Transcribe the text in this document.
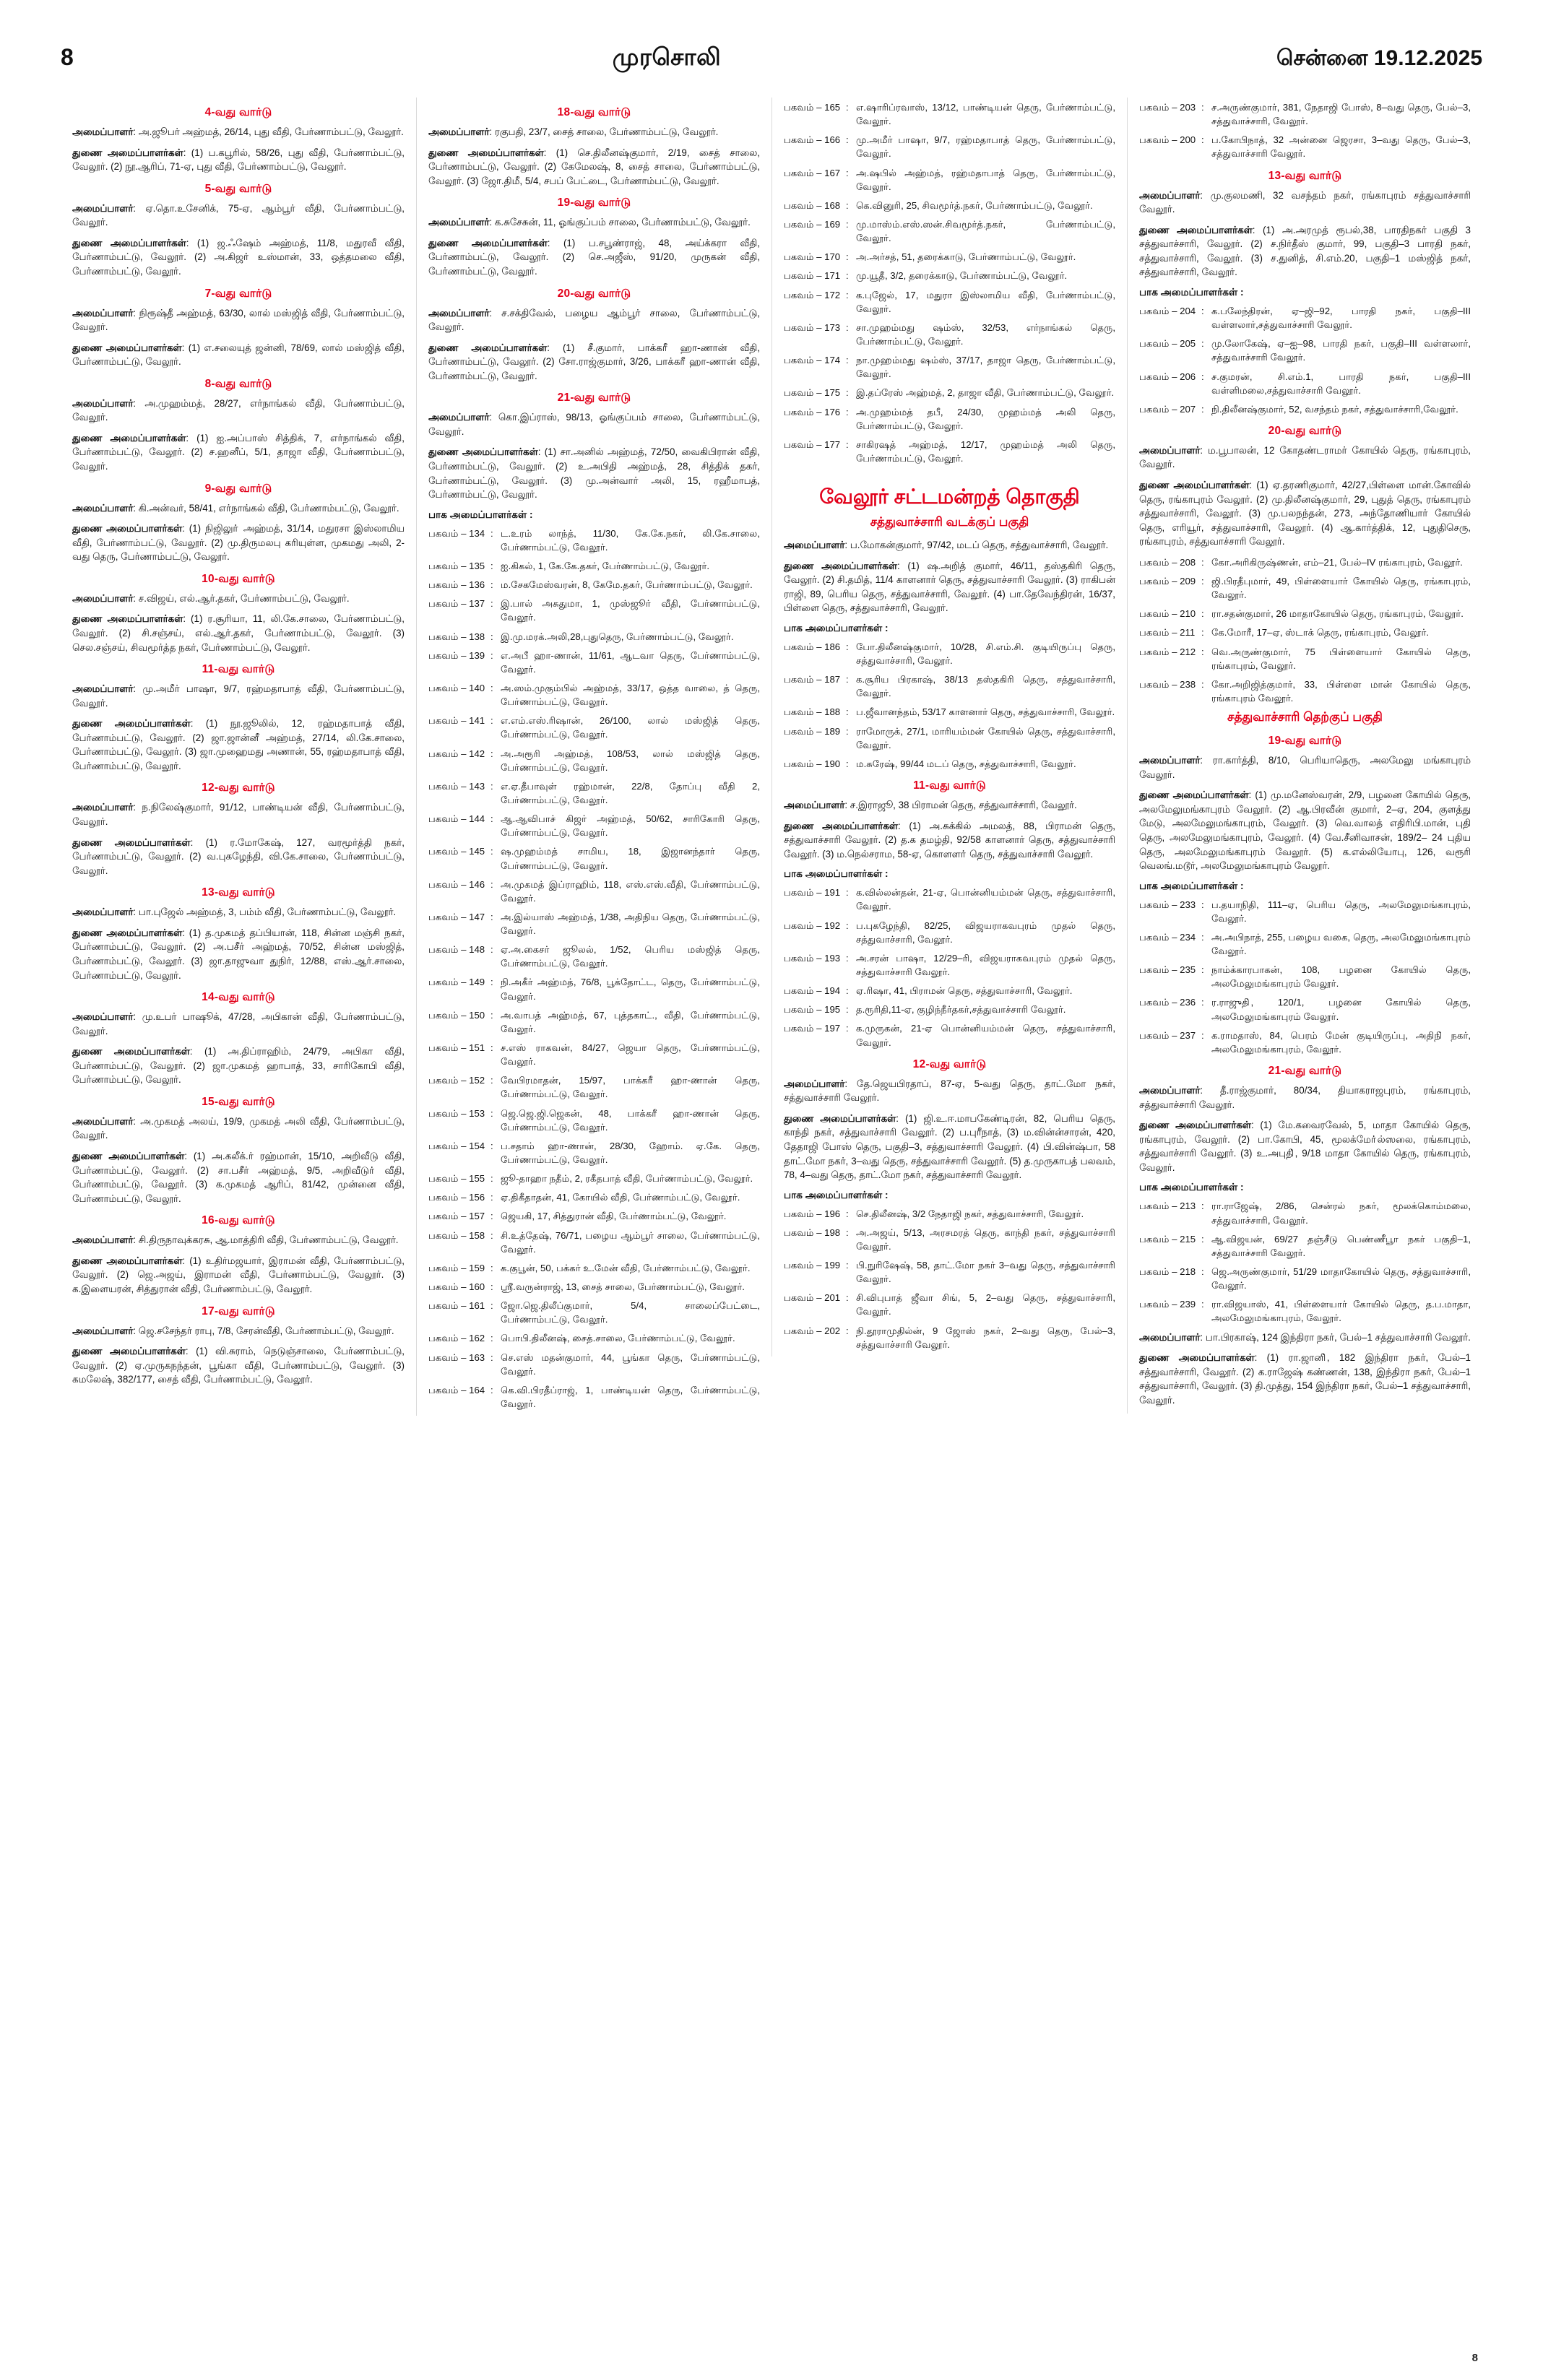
8	முரசொலி	சென்னை 19.12.2025
4-வது வார்டு
அமைப்பாளர்: அ.ஜூபர் அஹ்மத், 26/14, புது வீதி, பேர்ணாம்பட்டு, வேலூர்.
துணை அமைப்பாளர்கள்: (1) ப.கபூரில், 58/26, புது வீதி, பேர்ணாம்பட்டு, வேலூர். (2) நூ.ஆரிப், 71-ஏ, புது வீதி, பேர்ணாம்பட்டு, வேலூர்.
5-வது வார்டு
அமைப்பாளர்: ஏ.தொ.உசேனிக், 75-ஏ, ஆம்பூர் வீதி, பேர்ணாம்பட்டு, வேலூர்.
துணை அமைப்பாளர்கள்: (1) ஜ.ஃஷேம் அஹ்மத், 11/8, மதுரவீ வீதி, பேர்ணாம்பட்டு, வேலூர். (2) அ.கிஜா் உஸ்மான், 33, ஒத்தமலை வீதி, பேர்ணாம்பட்டு, வேலூர்.
7-வது வார்டு
அமைப்பாளர்: நிரூஷ்தீ அஹ்மத், 63/30, லால் மஸ்ஜித் வீதி, பேர்ணாம்பட்டு, வேலூர்.
துணை அமைப்பாளர்கள்: (1) எ.சலையுத் ஜன்னி, 78/69, லால் மஸ்ஜித் வீதி, பேர்ணாம்பட்டு, வேலூர்.
8-வது வார்டு
அமைப்பாளர்: அ.முஹம்மத், 28/27, எர்நாங்கல் வீதி, பேர்ணாம்பட்டு, வேலூர்.
துணை அமைப்பாளர்கள்: (1) ஐ.அப்பாஸ் சித்திக், 7, எர்நாங்கல் வீதி, பேர்ணாம்பட்டு, வேலூர். (2) ச.ஹனீப், 5/1, தாஜா வீதி, பேர்ணாம்பட்டு, வேலூர்.
9-வது வார்டு
அமைப்பாளர்: கி.அன்வர், 58/41, எர்நாங்கல் வீதி, பேர்ணாம்பட்டு, வேலூர்.
துணை அமைப்பாளர்கள்: (1) நிஜிலுா் அஹ்மத், 31/14, மதுரசா இஸ்லாமிய வீதி, பேர்ணாம்பட்டு, வேலூர். (2) மு.திருமலபு கரியுள்ள, முகமது அலி, 2-வது தெரு, பேர்ணாம்பட்டு, வேலூர்.
10-வது வார்டு
அமைப்பாளர்: ச.விஜய், எல்.ஆர்.தகர், பேர்ணாம்பட்டு, வேலூர்.
துணை அமைப்பாளர்கள்: (1) ர.சூரியா, 11, லி.கே.சாலை, பேர்ணாம்பட்டு, வேலூர். (2) சி.சஞ்சய், எல்.ஆர்.தகர், பேர்ணாம்பட்டு, வேலூர். (3) செல.சஞ்சய், சிவமூர்த்த நகர், பேர்ணாம்பட்டு, வேலூர்.
11-வது வார்டு
அமைப்பாளர்: மு.அமீர் பாஷா, 9/7, ரஹ்மதாபாத் வீதி, பேர்ணாம்பட்டு, வேலூர்.
துணை அமைப்பாளர்கள்: (1) நூ.ஜூலில், 12, ரஹ்மதாபாத் வீதி, பேர்ணாம்பட்டு, வேலூர். (2) ஜா.ஜான்னீ அஹ்மத், 27/14, லி.கே.சாலை, பேர்ணாம்பட்டு, வேலூர். (3) ஜா.முஹைமது அணான், 55, ரஹ்மதாபாத் வீதி, பேர்ணாம்பட்டு, வேலூர்.
12-வது வார்டு
அமைப்பாளர்: ந.நிலேஷ்குமார், 91/12, பாண்டியன் வீதி, பேர்ணாம்பட்டு, வேலூர்.
துணை அமைப்பாளர்கள்: (1) ர.மோகேஷ், 127, வரமூர்த்தி நகர், பேர்ணாம்பட்டு, வேலூர். (2) வ.புகழேந்தி, வி.கே.சாலை, பேர்ணாம்பட்டு, வேலூர்.
13-வது வார்டு
அமைப்பாளர்: பா.புஜேல் அஹ்மத், 3, பம்ம் வீதி, பேர்ணாம்பட்டு, வேலூர்.
துணை அமைப்பாளர்கள்: (1) த.முகமத் தப்பியான், 118, சின்ன மஞ்சி நகர், பேர்ணாம்பட்டு, வேலூர். (2) அ.பசீர் அஹ்மத், 70/52, சின்ன மஸ்ஜித், பேர்ணாம்பட்டு, வேலூர். (3) ஜா.தாஜுவா துநிர், 12/88, எஸ்.ஆர்.சாலை, பேர்ணாம்பட்டு, வேலூர்.
14-வது வார்டு
அமைப்பாளர்: மு.உபர் பாஷூக், 47/28, அபிகான் வீதி, பேர்ணாம்பட்டு, வேலூர்.
துணை அமைப்பாளர்கள்: (1) அ.திப்ராஹிம், 24/79, அபிகா வீதி, பேர்ணாம்பட்டு, வேலூர். (2) ஜா.முகமத் ஹாபாத், 33, சாரிகோபி வீதி, பேர்ணாம்பட்டு, வேலூர்.
15-வது வார்டு
அமைப்பாளர்: அ.முகமத் அலய், 19/9, முகமத் அலி வீதி, பேர்ணாம்பட்டு, வேலூர்.
துணை அமைப்பாளர்கள்: (1) அ.கலீக்.ர் ரஹ்மான், 15/10, அறிவீடு வீதி, பேர்ணாம்பட்டு, வேலூர். (2) சா.பசீர் அஹ்மத், 9/5, அறிவீடுா் வீதி, பேர்ணாம்பட்டு, வேலூர். (3) க.முகமத் ஆரிப், 81/42, முன்னை வீதி, பேர்ணாம்பட்டு, வேலூர்.
16-வது வார்டு
அமைப்பாளர்: சி.திருநாவுக்கரசு, ஆ.மாத்திரி வீதி, பேர்ணாம்பட்டு, வேலூர்.
துணை அமைப்பாளர்கள்: (1) உதிர்மஜயார், இராமன் வீதி, பேர்ணாம்பட்டு, வேலூர். (2) ஜெ.அஜய், இராமன் வீதி, பேர்ணாம்பட்டு, வேலூர். (3) க.இளையரன், சித்துரான் வீதி, பேர்ணாம்பட்டு, வேலூர்.
17-வது வார்டு
அமைப்பாளர்: ஜெ.சசேந்தர் ராபு, 7/8, சேரன்வீதி, பேர்ணாம்பட்டு, வேலூர்.
துணை அமைப்பாளர்கள்: (1) வி.சுராம், நெடுஞ்சாலை, பேர்ணாம்பட்டு, வேலூர். (2) ஏ.முருகநந்தன், பூங்கா வீதி, பேர்ணாம்பட்டு, வேலூர். (3) கமலேஷ், 382/177, சைத் வீதி, பேர்ணாம்பட்டு, வேலூர்.
18-வது வார்டு
அமைப்பாளர்: ரகுபதி, 23/7, சைத் சாலை, பேர்ணாம்பட்டு, வேலூர்.
துணை அமைப்பாளர்கள்: (1) செ.திலீனஷ்குமார், 2/19, சைத் சாலை, பேர்ணாம்பட்டு, வேலூர். (2) கேமேலஷ், 8, சைத் சாலை, பேர்ணாம்பட்டு, வேலூர். (3) ஜோ.திமீ, 5/4, சபப் பேட்டை, பேர்ணாம்பட்டு, வேலூர்.
19-வது வார்டு
அமைப்பாளர்: க.சுசேசுன், 11, ஓங்குப்பம் சாலை, பேர்ணாம்பட்டு, வேலூர்.
துணை அமைப்பாளர்கள்: (1) ப.சபூண்ராஜ், 48, அய்க்கரா வீதி, பேர்ணாம்பட்டு, வேலூர். (2) செ.அஜீஸ், 91/20, முருகன் வீதி, பேர்ணாம்பட்டு, வேலூர்.
20-வது வார்டு
அமைப்பாளர்: ச.சக்திவேல், பழைய ஆம்பூர் சாலை, பேர்ணாம்பட்டு, வேலூர்.
துணை அமைப்பாளர்கள்: (1) சீ.குமார், பாக்கரீ ஹா-ணான் வீதி, பேர்ணாம்பட்டு, வேலூர். (2) சோ.ராஜ்குமார், 3/26, பாக்கரீ ஹா-ணான் வீதி, பேர்ணாம்பட்டு, வேலூர்.
21-வது வார்டு
அமைப்பாளர்: கொ.இப்ராஸ், 98/13, ஓங்குப்பம் சாலை, பேர்ணாம்பட்டு, வேலூர்.
துணை அமைப்பாளர்கள்: (1) சா.அனில் அஹ்மத், 72/50, வைகிபிரான் வீதி, பேர்ணாம்பட்டு, வேலூர். (2) உ.அபிதி அஹ்மத், 28, சித்திக் தகர், பேர்ணாம்பட்டு, வேலூர். (3) மு.அன்வார் அலி, 15, ரஹீமாபத், பேர்ணாம்பட்டு, வேலூர்.
பாக அமைப்பாளர்கள் :
பகவம் – 134 : ட.உரம் லாந்த், 11/30, கே.கே.நகர், லி.கே.சாலை, பேர்ணாம்பட்டு, வேலூர்.
பகவம் – 135 : ஐ.கிகல், 1, கே.கே.தகர், பேர்ணாம்பட்டு, வேலூர்.
பகவம் – 136 : ம.சேகமேஸ்வரன், 8, கேமே.தகர், பேர்ணாம்பட்டு, வேலூர்.
பகவம் – 137 : இ.பால் அசுதுமா, 1, முஸ்ஜூா் வீதி, பேர்ணாம்பட்டு, வேலூர்.
பகவம் – 138 : இ.மு.மரக்.அலி,28,புதுதெரு, பேர்ணாம்பட்டு, வேலூர்.
பகவம் – 139 : எ.அபீ ஹா-ணான், 11/61, ஆடவா தெரு, பேர்ணாம்பட்டு, வேலூர்.
பகவம் – 140 : அ.ஸம்.முகும்பில் அஹ்மத், 33/17, ஒத்த வாலை, த் தெரு, பேர்ணாம்பட்டு, வேலூர்.
பகவம் – 141 : எ.எம்.எஸ்.ரிஷான், 26/100, லால் மஸ்ஜித் தெரு, பேர்ணாம்பட்டு, வேலூர்.
பகவம் – 142 : அ.அரூரி அஹ்மத், 108/53, லால் மஸ்ஜித் தெரு, பேர்ணாம்பட்டு, வேலூர்.
பகவம் – 143 : எ.ஏ.தீபாவுள் ரஹ்மான், 22/8, தோப்பு வீதி 2, பேர்ணாம்பட்டு, வேலூர்.
பகவம் – 144 : ஆ.ஆவிபாச் கிஜர் அஹ்மத், 50/62, சாரிகோரி தெரு, பேர்ணாம்பட்டு, வேலூர்.
பகவம் – 145 : ஷ.முஹம்மத் சாமிய, 18, இஜானந்தார் தெரு, பேர்ணாம்பட்டு, வேலூர்.
பகவம் – 146 : அ.முகமத் இப்ராஹிம், 118, எஸ்.எஸ்.வீதி, பேர்ணாம்பட்டு, வேலூர்.
பகவம் – 147 : அ.இல்யாஸ் அஹ்மத், 1/38, அதிநிய தெரு, பேர்ணாம்பட்டு, வேலூர்.
பகவம் – 148 : ஏ.அ.கைசர் ஜூலல், 1/52, பெரிய மஸ்ஜித் தெரு, பேர்ணாம்பட்டு, வேலூர்.
பகவம் – 149 : நி.அகீர் அஹ்மத், 76/8, பூக்தோட்ட, தெரு, பேர்ணாம்பட்டு, வேலூர்.
பகவம் – 150 : அ.வாபத் அஹ்மத், 67, புத்தகாட்., வீதி, பேர்ணாம்பட்டு, வேலூர்.
பகவம் – 151 : ச.எஸ் ராகவன், 84/27, ஜெயா தெரு, பேர்ணாம்பட்டு, வேலூர்.
பகவம் – 152 : வேபிரமாதன், 15/97, பாக்கரீ ஹா-ணான் தெரு, பேர்ணாம்பட்டு, வேலூர்.
பகவம் – 153 : ஜெ.ஜெ.ஜி.ஜெகன், 48, பாக்கரீ ஹா-ணான் தெரு, பேர்ணாம்பட்டு, வேலூர்.
பகவம் – 154 : ப.சதாம் ஹா-ணான், 28/30, ஹோம். ஏ.கே. தெரு, பேர்ணாம்பட்டு, வேலூர்.
பகவம் – 155 : ஜூ-தாஹா நதீம், 2, ரகீதபாத் வீதி, பேர்ணாம்பட்டு, வேலூர்.
பகவம் – 156 : ஏ.திகீதாதன், 41, கோயில் வீதி, பேர்ணாம்பட்டு, வேலூர்.
பகவம் – 157 : ஜெயகி, 17, சித்துரான் வீதி, பேர்ணாம்பட்டு, வேலூர்.
பகவம் – 158 : சி.உத்தேஷ், 76/71, பழைய ஆம்பூர் சாலை, பேர்ணாம்பட்டு, வேலூர்.
பகவம் – 159 : க.குபூன், 50, பக்கர் உ.மேன் வீதி, பேர்ணாம்பட்டு, வேலூர்.
பகவம் – 160 : ஸ்ரீ.வருன்ராஜ், 13, சைத் சாலை, பேர்ணாம்பட்டு, வேலூர்.
பகவம் – 161 : ஜோ.ஜெ.திலீப்குமார், 5/4, சாலைப்பேட்டை, பேர்ணாம்பட்டு, வேலூர்.
பகவம் – 162 : பொபி.திலீனஷ், சைத்.சாலை, பேர்ணாம்பட்டு, வேலூர்.
பகவம் – 163 : செ.எஸ் மதன்குமார், 44, பூங்கா தெரு, பேர்ணாம்பட்டு, வேலூர்.
பகவம் – 164 : கெ.வி.பிரதீப்ராஜ், 1, பாண்டியன் தெரு, பேர்ணாம்பட்டு, வேலூர்.
பகவம் – 165 : எ.ஷாரிப்ரவாஸ், 13/12, பாண்டியன் தெரு, பேர்ணாம்பட்டு, வேலூர்.
பகவம் – 166 : மு.அமீர் பாஷா, 9/7, ரஹ்மதாபாத் தெரு, பேர்ணாம்பட்டு, வேலூர்.
பகவம் – 167 : அ.ஷபில் அஹ்மத், ரஹ்மதாபாத் தெரு, பேர்ணாம்பட்டு, வேலூர்.
பகவம் – 168 : கெ.வினுரி, 25, சிவமூர்த்.நகர், பேர்ணாம்பட்டு, வேலூர்.
பகவம் – 169 : மு.மாஸ்ம்.எஸ்.ஸன்.சிவமூர்த்.நகர், பேர்ணாம்பட்டு, வேலூர்.
பகவம் – 170 : அ.அர்சத், 51, தரைக்காடு, பேர்ணாம்பட்டு, வேலூர்.
பகவம் – 171 : மு.யூதீ, 3/2, தரைக்காடு, பேர்ணாம்பட்டு, வேலூர்.
பகவம் – 172 : க.புஜேல், 17, மதுரா இஸ்லாமிய வீதி, பேர்ணாம்பட்டு, வேலூர்.
பகவம் – 173 : சா.முஹம்மது ஷம்ஸ், 32/53, எர்நாங்கல் தெரு, பேர்ணாம்பட்டு, வேலூர்.
பகவம் – 174 : நா.முஹம்மது ஷம்ஸ், 37/17, தாஜா தெரு, பேர்ணாம்பட்டு, வேலூர்.
பகவம் – 175 : இ.தப்ரேஸ் அஹ்மத், 2, தாஜா வீதி, பேர்ணாம்பட்டு, வேலூர்.
பகவம் – 176 : அ.முஹம்மத் தபீ, 24/30, முஹம்மத் அலி தெரு, பேர்ணாம்பட்டு, வேலூர்.
பகவம் – 177 : சாகிரஷத் அஹ்மத், 12/17, முஹம்மத் அலி தெரு, பேர்ணாம்பட்டு, வேலூர்.
வேலூர் சட்டமன்றத் தொகுதி
சத்துவாச்சாரி வடக்குப் பகுதி
அமைப்பாளர்: ப.மோகன்குமார், 97/42, மடப் தெரு, சத்துவாச்சாரி, வேலூர்.
துணை அமைப்பாளர்கள்: (1) ஷ.அறித் குமார், 46/11, தஸ்தகிரி தெரு, வேலூர். (2) சி.தமித், 11/4 காளனார் தெரு, சத்துவாச்சாரி வேலூர். (3) ராகிபன் ராஜி, 89, பெரிய தெரு, சத்துவாச்சாரி, வேலூர். (4) பா.தேவேந்திரன், 16/37, பிள்ளை தெரு, சத்துவாச்சாரி, வேலூர்.
பாக அமைப்பாளர்கள் :
பகவம் – 186 : போ.திலீனஷ்குமார், 10/28, சி.எம்.சி. குடியிருப்பு தெரு, சத்துவாச்சாரி, வேலூர்.
பகவம் – 187 : க.சூரிய பிரகாஷ், 38/13 தஸ்தகிரி தெரு, சத்துவாச்சாரி, வேலூர்.
பகவம் – 188 : ப.ஜீவானந்தம், 53/17 காளனார் தெரு, சத்துவாச்சாரி, வேலூர்.
பகவம் – 189 : ராமோருக், 27/1, மாரியம்மன் கோயில் தெரு, சத்துவாச்சாரி, வேலூர்.
பகவம் – 190 : ம.சுரேஷ், 99/44 மடப் தெரு, சத்துவாச்சாரி, வேலூர்.
11-வது வார்டு
அமைப்பாளர்: ச.இராஜூ, 38 பிராமன் தெரு, சத்துவாச்சாரி, வேலூர்.
துணை அமைப்பாளர்கள்: (1) அ.சுக்கில் அமலத், 88, பிராமன் தெரு, சத்துவாச்சாரி வேலூர். (2) த.க தமழ்தி, 92/58 காளனார் தெரு, சத்துவாச்சாரி வேலூர். (3) ம.நெல்சராம, 58-ஏ, கொளளா் தெரு, சத்துவாச்சாரி வேலூர்.
பாக அமைப்பாளர்கள் :
பகவம் – 191 : க.வில்லன்தன், 21-ஏ, பொன்னியம்மன் தெரு, சத்துவாச்சாரி, வேலூர்.
பகவம் – 192 : ப.புகழேந்தி, 82/25, விஜயராகவபுரம் முதல் தெரு, சத்துவாச்சாரி, வேலூர்.
பகவம் – 193 : அ.சரன் பாஷா, 12/29–ரி, விஜயராகவபுரம் முதல் தெரு, சத்துவாச்சாரி வேலூர்.
பகவம் – 194 : ஏ.ரிஷா, 41, பிராமன் தெரு, சத்துவாச்சாரி, வேலூர்.
பகவம் – 195 : த.ரூரிதி,11-ஏ, குழிந்நீர்தகர்,சத்துவாச்சாரி வேலூர்.
பகவம் – 197 : க.முருகன், 21-ஏ பொன்னியம்மன் தெரு, சத்துவாச்சாரி, வேலூர்.
12-வது வார்டு
அமைப்பாளர்: தே.ஜெயபிரதாப், 87-ஏ, 5-வது தெரு, தாட்.மோ நகர், சத்துவாச்சாரி வேலூர்.
துணை அமைப்பாளர்கள்: (1) ஜி.உ.ஈ.மாபகேண்டிரன், 82, பெரிய தெரு, காந்தி நகர், சத்துவாச்சாரி வேலூர். (2) ப.புரீநாத், (3) ம.வின்ன்சாரன், 420, தேதாஜி போஸ் தெரு, பகுதி–3, சத்துவாச்சாரி வேலூர். (4) பி.வின்ஷ்பா, 58 தாட்.மோ நகர், 3–வது தெரு, சத்துவாச்சாரி வேலூர். (5) த.முருகாபத் பலவம், 78, 4–வது தெரு, தாட்.மோ நகர், சத்துவாச்சாரி வேலூர்.
பாக அமைப்பாளர்கள் :
பகவம் – 196 : செ.திலீனஷ், 3/2 நேதாஜி நகர், சத்துவாச்சாரி, வேலூர்.
பகவம் – 198 : அ.அஜய், 5/13, அரசமரத் தெரு, காந்தி நகர், சத்துவாச்சாரி வேலூர்.
பகவம் – 199 : பி.நுரிஷேஷ், 58, தாட்.மோ நகர் 3–வது தெரு, சத்துவாச்சாரி வேலூர்.
பகவம் – 201 : சி.விபுபாத் ஜீவா சிங், 5, 2–வது தெரு, சத்துவாச்சாரி, வேலூர்.
பகவம் – 202 : நி.தூராமுதில்ன், 9 ஜோஸ் நகர், 2–வது தெரு, பேல்–3, சத்துவாச்சாரி வேலூர்.
பகவம் – 203 : ச.அருண்குமார், 381, நேதாஜி போஸ், 8–வது தெரு, பேல்–3, சத்துவாச்சாரி, வேலூர்.
பகவம் – 200 : ப.கோபிநாத், 32 அன்னை ஜெரசா, 3–வது தெரு, பேல்–3, சத்துவாச்சாரி வேலூர்.
13-வது வார்டு
அமைப்பாளர்: மு.குலமணி, 32 வசந்தம் நகர், ரங்காபுரம் சத்துவாச்சாரி வேலூர்.
துணை அமைப்பாளர்கள்: (1) அ.அரமுத் ரூபல்,38, பாரதிநகர் பகுதி 3 சத்துவாச்சாரி, வேலூர். (2) ச.நிர்தீஸ் குமார், 99, பகுதி–3 பாரதி நகர், சத்துவாச்சாரி, வேலூர். (3) ச.துனித், சி.எம்.20, பகுதி–1 மஸ்ஜித் நகர், சத்துவாச்சாரி, வேலூர்.
பாக அமைப்பாளர்கள் :
பகவம் – 204 : க.பலேந்திரன், ஏ–ஜி–92, பாரதி நகர், பகுதி–III வள்ளலார்,சத்துவாச்சாரி வேலூர்.
பகவம் – 205 : மு.லோகேஷ், ஏ–ஐ–98, பாரதி நகர், பகுதி–III வள்ளலார், சத்துவாச்சாரி வேலூர்.
பகவம் – 206 : ச.குமரன், சி.எம்.1, பாரதி நகர், பகுதி–III வள்ளிமலை,சத்துவாச்சாரி வேலூர்.
பகவம் – 207 : நி.திலீனஷ்குமார், 52, வசந்தம் நகர், சத்துவாச்சாரி,வேலூர்.
20-வது வார்டு
அமைப்பாளர்: ம.பூபாலன், 12 கோதண்டராமர் கோயில் தெரு, ரங்காபுரம், வேலூர்.
துணை அமைப்பாளர்கள்: (1) ஏ.தரணிகுமார், 42/27,பிள்ளை மான்.கோவில் தெரு, ரங்காபுரம் வேலூர். (2) மு.திலீனஷ்குமார், 29, புதுத் தெரு, ரங்காபுரம் சத்துவாச்சாரி, வேலூர். (3) மு.பலநந்தன், 273, அந்தோணியார் கோயில் தெரு, எரியூர், சத்துவாச்சாரி, வேலூர். (4) ஆ.கார்த்திக், 12, புதுதிசெரு, ரங்காபுரம், சத்துவாச்சாரி வேலூர்.
பகவம் – 208 : கோ.அரிகிருஷ்ணன், எம்–21, பேல்–IV ரங்காபுரம், வேலூர்.
பகவம் – 209 : ஜி.பிரதீபுமார், 49, பிள்ளையார் கோயில் தெரு, ரங்காபுரம், வேலூர்.
பகவம் – 210 : ரா.சதன்குமார், 26 மாதாகோயில் தெரு, ரங்காபுரம், வேலூர்.
பகவம் – 211 : கே.மோரீ, 17–ஏ, ஸ்டாக் தெரு, ரங்காபுரம், வேலூர்.
பகவம் – 212 : வெ.அருண்குமார், 75 பிள்ளையார் கோயில் தெரு, ரங்காபுரம், வேலூர்.
பகவம் – 238 : கோ.அறிஜித்குமார், 33, பிள்ளை மான் கோயில் தெரு, ரங்காபுரம் வேலூர்.
சத்துவாச்சாரி தெற்குப் பகுதி
19-வது வார்டு
அமைப்பாளர்: ரா.கார்த்தி, 8/10, பெரியாதெரு, அலமேலு மங்காபுரம் வேலூர்.
துணை அமைப்பாளர்கள்: (1) மு.மனேஸ்வரன், 2/9, பழனை கோயில் தெரு, அலமேலுமங்காபுரம் வேலூர். (2) ஆ.பிரவீன் குமார், 2–ஏ, 204, குளத்து மேடு, அலமேலுமங்காபுரம், வேலூர். (3) வெ.வாலத் எதிரிபி.மான், புதி தெரு, அலமேலுமங்காபுரம், வேலூர். (4) வே.சீனிவாசன், 189/2– 24 புதிய தெரு, அலமேலுமங்காபுரம் வேலூர். (5) க.எல்லியோபு, 126, வரூரி வெலங்.மடூர், அலமேலுமங்காபுரம் வேலூர்.
பாக அமைப்பாளர்கள் :
பகவம் – 233 : ப.தயாநிதி, 111–ஏ, பெரிய தெரு, அலமேலுமங்காபுரம், வேலூர்.
பகவம் – 234 : அ.அபிநாத், 255, பழைய வகை, தெரு, அலமேலுமங்காபுரம் வேலூர்.
பகவம் – 235 : நாம்க்காரபாகன், 108, பழனை கோயில் தெரு, அலமேலுமங்காபுரம் வேலூர்.
பகவம் – 236 : ர.ராஜுதி், 120/1, பழனை கோயில் தெரு, அலமேலுமங்காபுரம் வேலூர்.
பகவம் – 237 : க.ராமதாஸ், 84, பெரம் மேன் குடியிருப்பு, அதிநி் நகர், அலமேலுமங்காபுரம், வேலூர்.
21-வது வார்டு
அமைப்பாளர்: தீ.ராஜ்குமார், 80/34, தியாகராஜபுரம், ரங்காபுரம், சத்துவாச்சாரி வேலூர்.
துணை அமைப்பாளர்கள்: (1) மே.கவைரவேல், 5, மாதா கோயில் தெரு, ரங்காபுரம், வேலூர். (2) பா.கோபி, 45, மூலக்மோ்ல்ஸலை, ரங்காபுரம், சத்துவாச்சாரி வேலூர். (3) உ.அபுதி், 9/18 மாதா கோயில் தெரு, ரங்காபுரம், வேலூர்.
பாக அமைப்பாளர்கள் :
பகவம் – 213 : ரா.ராஜேஷ், 2/86, சென்ரல் நகர், மூலக்கொம்மலை, சத்துவாச்சாரி, வேலூர்.
பகவம் – 215 : ஆ.விஜயன், 69/27 தஞ்சீடு பெண்ணீபூா நகர் பகுதி–1, சத்துவாச்சாரி வேலூர்.
பகவம் – 218 : ஜெ.அருண்குமார், 51/29 மாதாகோயில் தெரு, சத்துவாச்சாரி, வேலூர்.
பகவம் – 239 : ரா.விஜயாஸ், 41, பிள்ளையார் கோயில் தெரு, த.ப.மாதா, அலமேலுமங்காபுரம், வேலூர்.
அமைப்பாளர்: பா.பிரகாஷ், 124 இந்திரா நகர், பேல்–1 சத்துவாச்சாரி வேலூர்.
துணை அமைப்பாளர்கள்: (1) ரா.ஜானி், 182 இந்திரா நகர், பேல்–1 சத்துவாச்சாரி, வேலூர். (2) க.ராஜேஷ் கண்ணன், 138, இந்திரா நகர், பேல்–1 சத்துவாச்சாரி, வேலூர். (3) தி.முத்து, 154 இந்திரா நகர், பேல்–1 சத்துவாச்சாரி, வேலூர்.
8
